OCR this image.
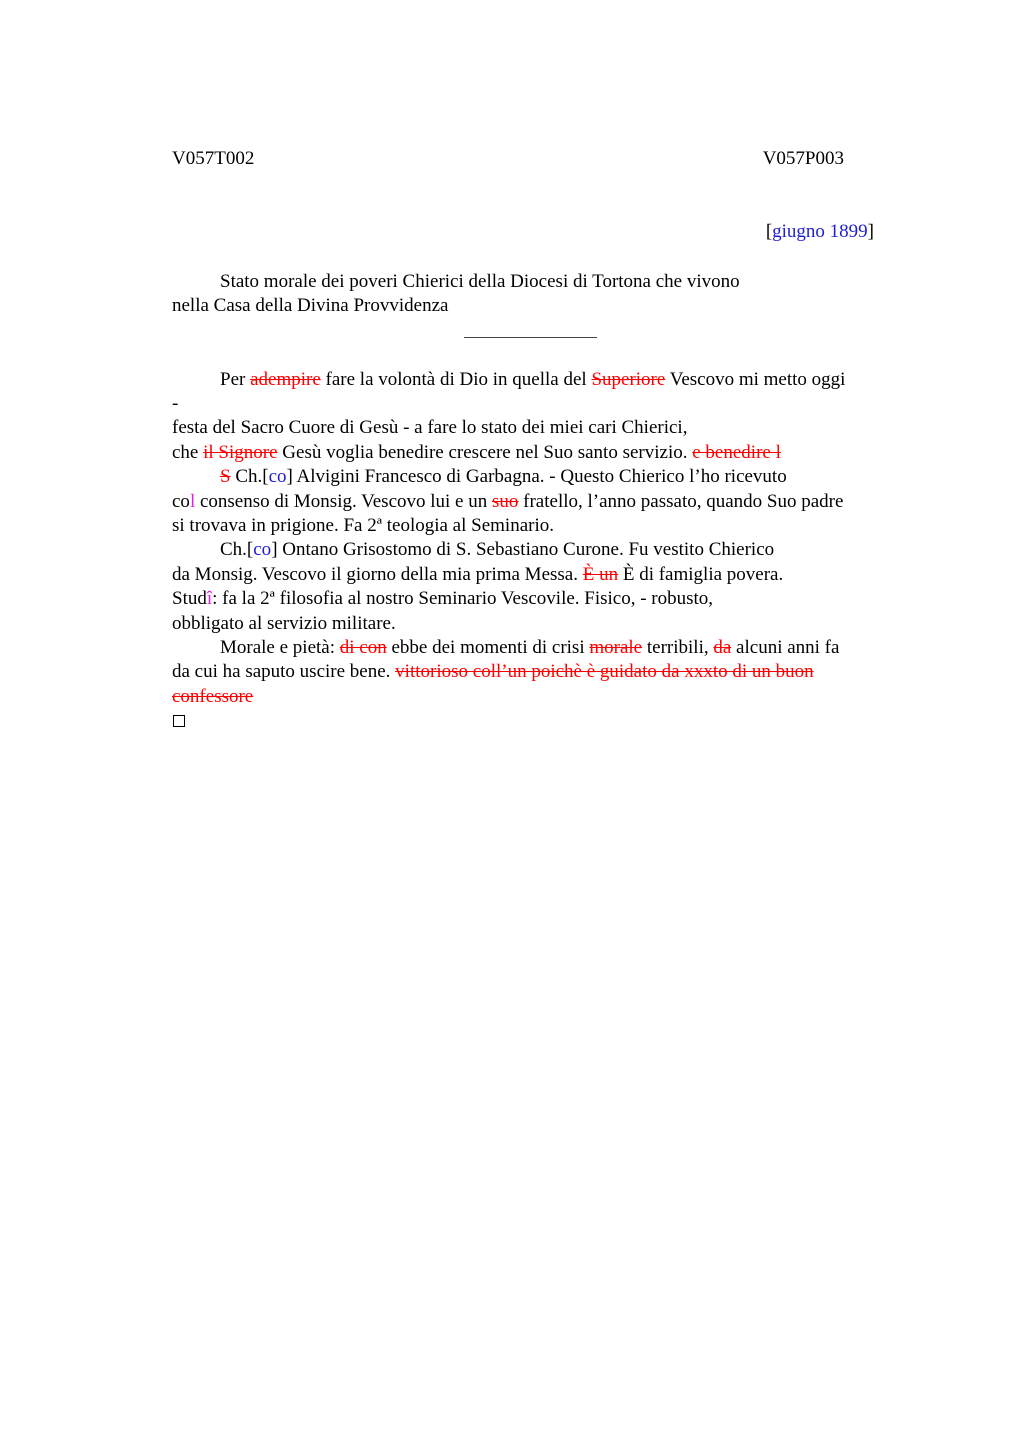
V057T002	V057P003
[giugno 1899]
Stato morale dei poveri Chierici della Diocesi di Tortona che vivono
nella Casa della Divina Provvidenza
Per adempire fare la volontà di Dio in quella del Superiore Vescovo mi metto oggi
-
festa del Sacro Cuore di Gesù - a fare lo stato dei miei cari Chierici,
che il Signore Gesù voglia benedire crescere nel Suo santo servizio. e benedire l
S Ch.[co] Alvigini Francesco di Garbagna. - Questo Chierico l’ho ricevuto
col consenso di Monsig. Vescovo lui e un suo fratello, l’anno passato, quando Suo padre
si trovava in prigione. Fa 2ª teologia al Seminario.
Ch.[co] Ontano Grisostomo di S. Sebastiano Curone. Fu vestito Chierico
da Monsig. Vescovo il giorno della mia prima Messa. È un È di famiglia povera.
Studî: fa la 2ª filosofia al nostro Seminario Vescovile. Fisico, - robusto,
obbligato al servizio militare.
Morale e pietà: di con ebbe dei momenti di crisi morale terribili, da alcuni anni fa
da cui ha saputo uscire bene. vittorioso coll’un poichè è guidato da xxxto di un buon
confessore
